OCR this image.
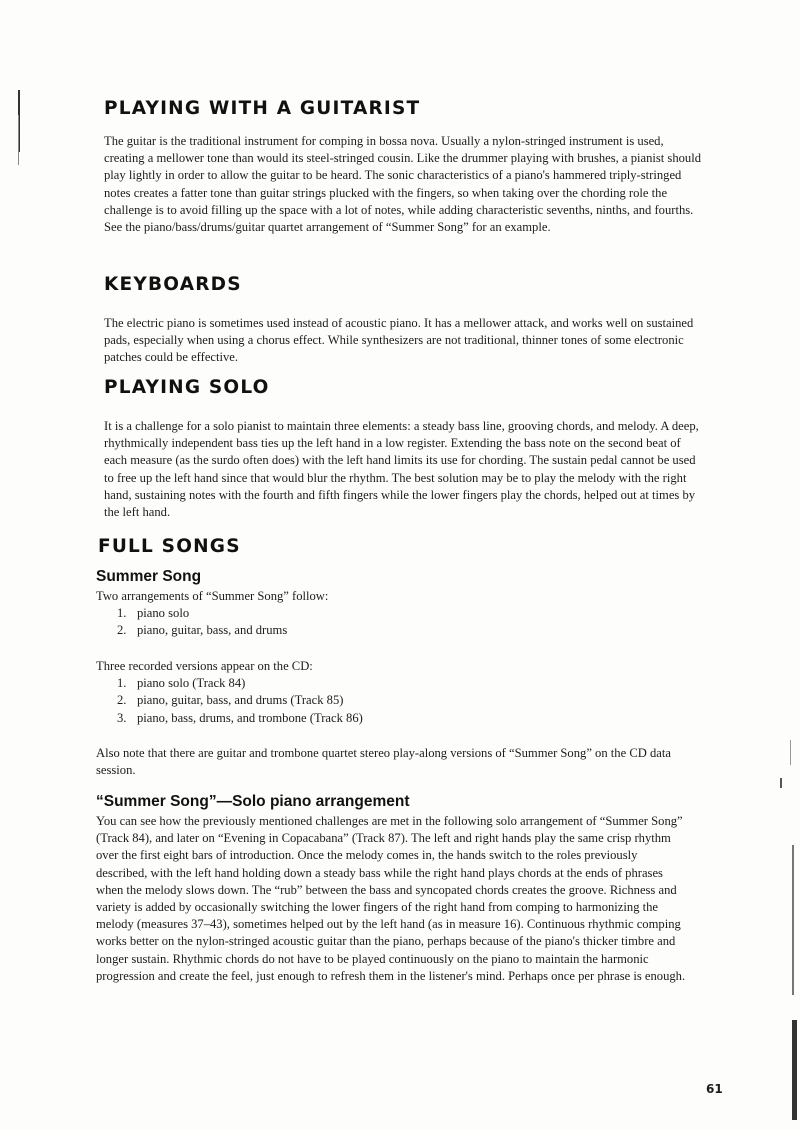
PLAYING WITH A GUITARIST

The guitar is the traditional instrument for comping in bossa nova. Usually a nylon-stringed instrument is used, creating a mellower tone than would its steel-stringed cousin. Like the drummer playing with brushes, a pianist should play lightly in order to allow the guitar to be heard. The sonic characteristics of a piano's hammered triply-stringed notes creates a fatter tone than guitar strings plucked with the fingers, so when taking over the chording role the challenge is to avoid filling up the space with a lot of notes, while adding characteristic sevenths, ninths, and fourths. See the piano/bass/drums/guitar quartet arrangement of “Summer Song” for an example.

KEYBOARDS

The electric piano is sometimes used instead of acoustic piano. It has a mellower attack, and works well on sustained pads, especially when using a chorus effect. While synthesizers are not traditional, thinner tones of some electronic patches could be effective.

PLAYING SOLO

It is a challenge for a solo pianist to maintain three elements: a steady bass line, grooving chords, and melody. A deep, rhythmically independent bass ties up the left hand in a low register. Extending the bass note on the second beat of each measure (as the surdo often does) with the left hand limits its use for chording. The sustain pedal cannot be used to free up the left hand since that would blur the rhythm. The best solution may be to play the melody with the right hand, sustaining notes with the fourth and fifth fingers while the lower fingers play the chords, helped out at times by the left hand.

FULL SONGS
Summer Song

Two arrangements of “Summer Song” follow:

1. piano solo
2. piano, guitar, bass, and drums

Three recorded versions appear on the CD:

1. piano solo (Track 84)
2. piano, guitar, bass, and drums (Track 85)
3. piano, bass, drums, and trombone (Track 86)

Also note that there are guitar and trombone quartet stereo play-along versions of “Summer Song” on the CD data session.

“Summer Song”—Solo piano arrangement

You can see how the previously mentioned challenges are met in the following solo arrangement of “Summer Song” (Track 84), and later on “Evening in Copacabana” (Track 87). The left and right hands play the same crisp rhythm over the first eight bars of introduction. Once the melody comes in, the hands switch to the roles previously described, with the left hand holding down a steady bass while the right hand plays chords at the ends of phrases when the melody slows down. The “rub” between the bass and syncopated chords creates the groove. Richness and variety is added by occasionally switching the lower fingers of the right hand from comping to harmonizing the melody (measures 37–43), sometimes helped out by the left hand (as in measure 16). Continuous rhythmic comping works better on the nylon-stringed acoustic guitar than the piano, perhaps because of the piano's thicker timbre and longer sustain. Rhythmic chords do not have to be played continuously on the piano to maintain the harmonic progression and create the feel, just enough to refresh them in the listener's mind. Perhaps once per phrase is enough.

61
